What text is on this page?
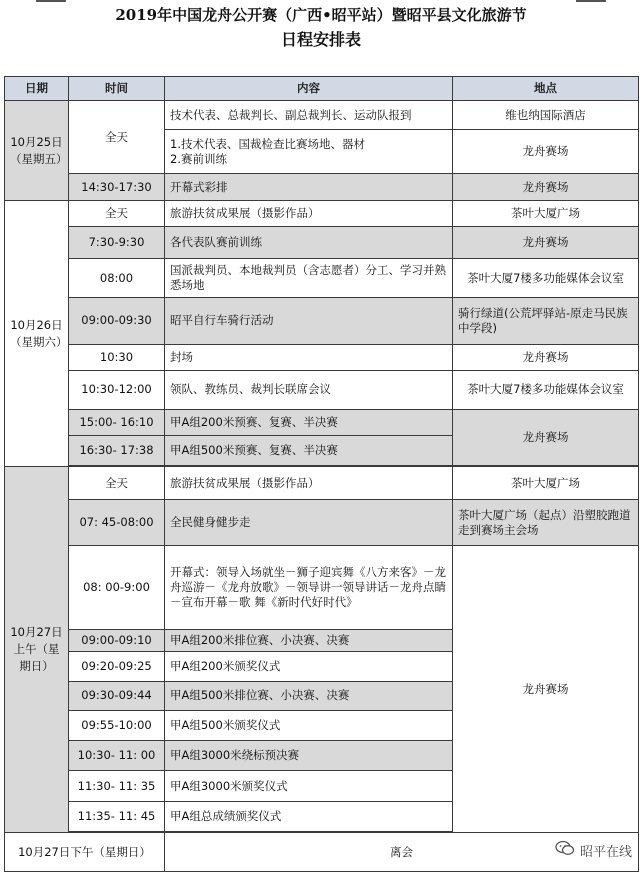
2019年中国龙舟公开赛（广西•昭平站）暨昭平县文化旅游节
日程安排表
日期	时间	内容	地点
10月25日（星期五）	全天	技术代表、总裁判长、副总裁判长、运动队报到	维也纳国际酒店
		1.技术代表、国裁检查比赛场地、器材
2.赛前训练	龙舟赛场
	14:30-17:30	开幕式彩排	龙舟赛场
10月26日（星期六）	全天	旅游扶贫成果展（摄影作品）	茶叶大厦广场
	7:30-9:30	各代表队赛前训练	龙舟赛场
	08:00	国派裁判员、本地裁判员（含志愿者）分工、学习并熟悉场地	茶叶大厦7楼多功能媒体会议室
	09:00-09:30	昭平自行车骑行活动	骑行绿道(公荒坪驿站-原走马民族中学段)
	10:30	封场	龙舟赛场
	10:30-12:00	领队、教练员、裁判长联席会议	茶叶大厦7楼多功能媒体会议室
	15:00- 16:10	甲A组200米预赛、复赛、半决赛	龙舟赛场
	16:30- 17:38	甲A组500米预赛、复赛、半决赛	

10月27日上午（星期日）	全天	旅游扶贫成果展（摄影作品）	茶叶大厦广场
	07: 45-08:00	全民健身健步走	茶叶大厦广场（起点）沿塑胶跑道走到赛场主会场
	08: 00-9:00	开幕式：领导入场就坐－狮子迎宾舞《八方来客》－龙舟巡游－《龙舟放歌》－领导讲一领导讲话－龙舟点睛－宣布开幕－歌 舞《新时代好时代》	龙舟赛场
	09:00-09:10	甲A组200米排位赛、小决赛、决赛	
	09:20-09:25	甲A组200米颁奖仪式	
	09:30-09:44	甲A组500米排位赛、小决赛、决赛	
	09:55-10:00	甲A组500米颁奖仪式	
	10:30- 11: 00	甲A组3000米绕标预决赛	
	11:30- 11: 35	甲A组3000米颁奖仪式	
	11:35- 11: 45	甲A组总成绩颁奖仪式	

10月27日下午（星期日）		离会		昭平在线
